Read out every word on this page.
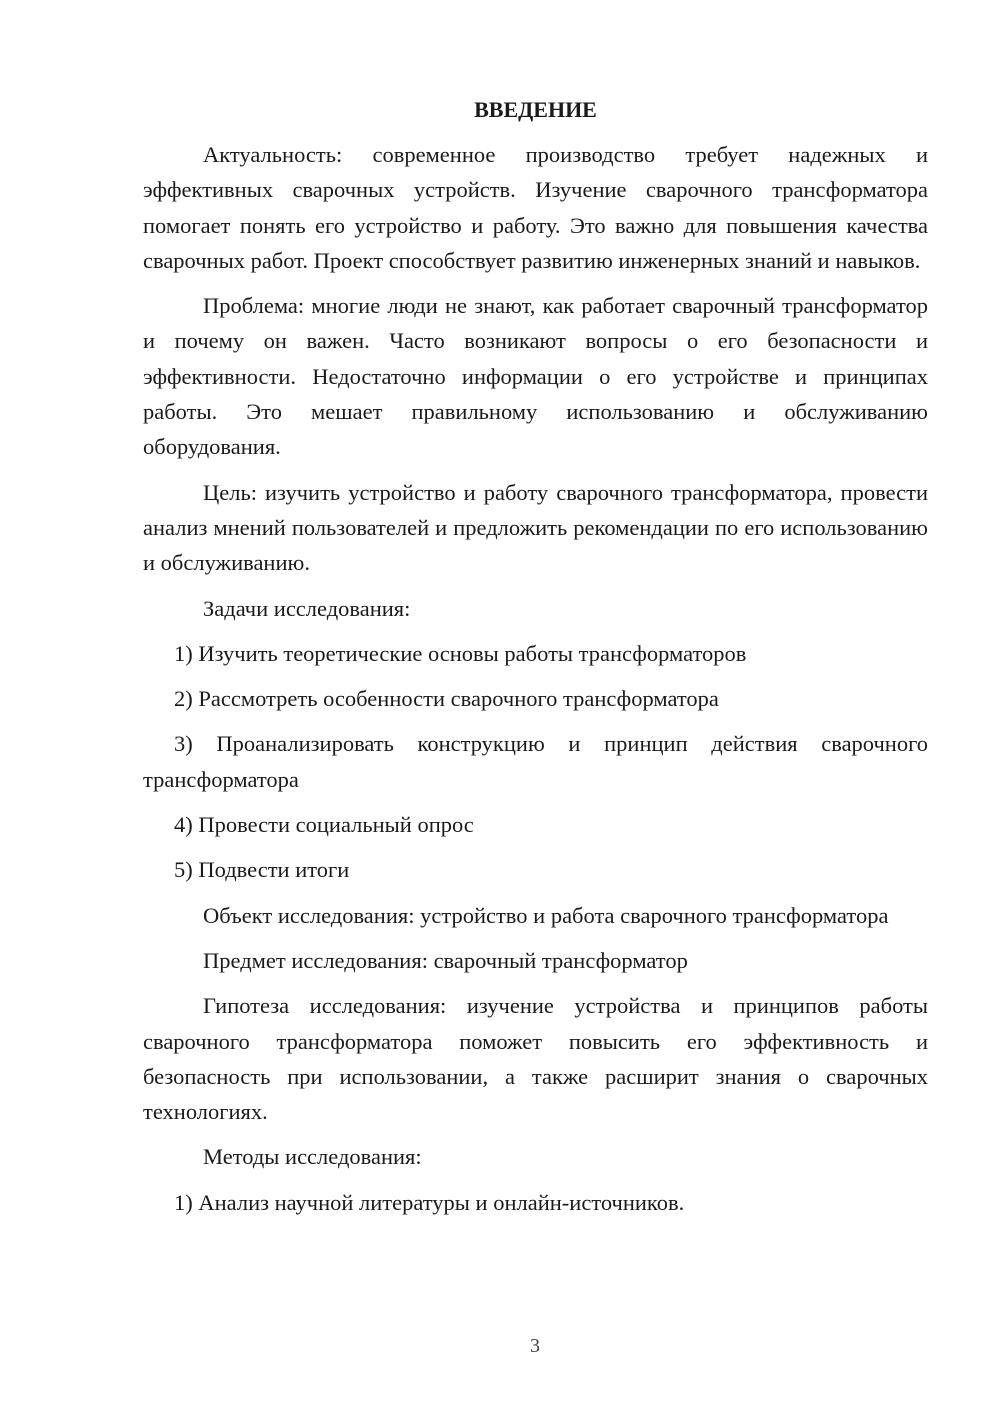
ВВЕДЕНИЕ

Актуальность: современное производство требует надежных и эффективных сварочных устройств. Изучение сварочного трансформатора помогает понять его устройство и работу. Это важно для повышения качества сварочных работ. Проект способствует развитию инженерных знаний и навыков.

Проблема: многие люди не знают, как работает сварочный трансформатор и почему он важен. Часто возникают вопросы о его безопасности и эффективности. Недостаточно информации о его устройстве и принципах работы. Это мешает правильному использованию и обслуживанию оборудования.

Цель: изучить устройство и работу сварочного трансформатора, провести анализ мнений пользователей и предложить рекомендации по его использованию и обслуживанию.

Задачи исследования:
1) Изучить теоретические основы работы трансформаторов
2) Рассмотреть особенности сварочного трансформатора
3) Проанализировать конструкцию и принцип действия сварочного трансформатора
4) Провести социальный опрос
5) Подвести итоги

Объект исследования: устройство и работа сварочного трансформатора

Предмет исследования: сварочный трансформатор

Гипотеза исследования: изучение устройства и принципов работы сварочного трансформатора поможет повысить его эффективность и безопасность при использовании, а также расширит знания о сварочных технологиях.

Методы исследования:
1) Анализ научной литературы и онлайн-источников.
3
